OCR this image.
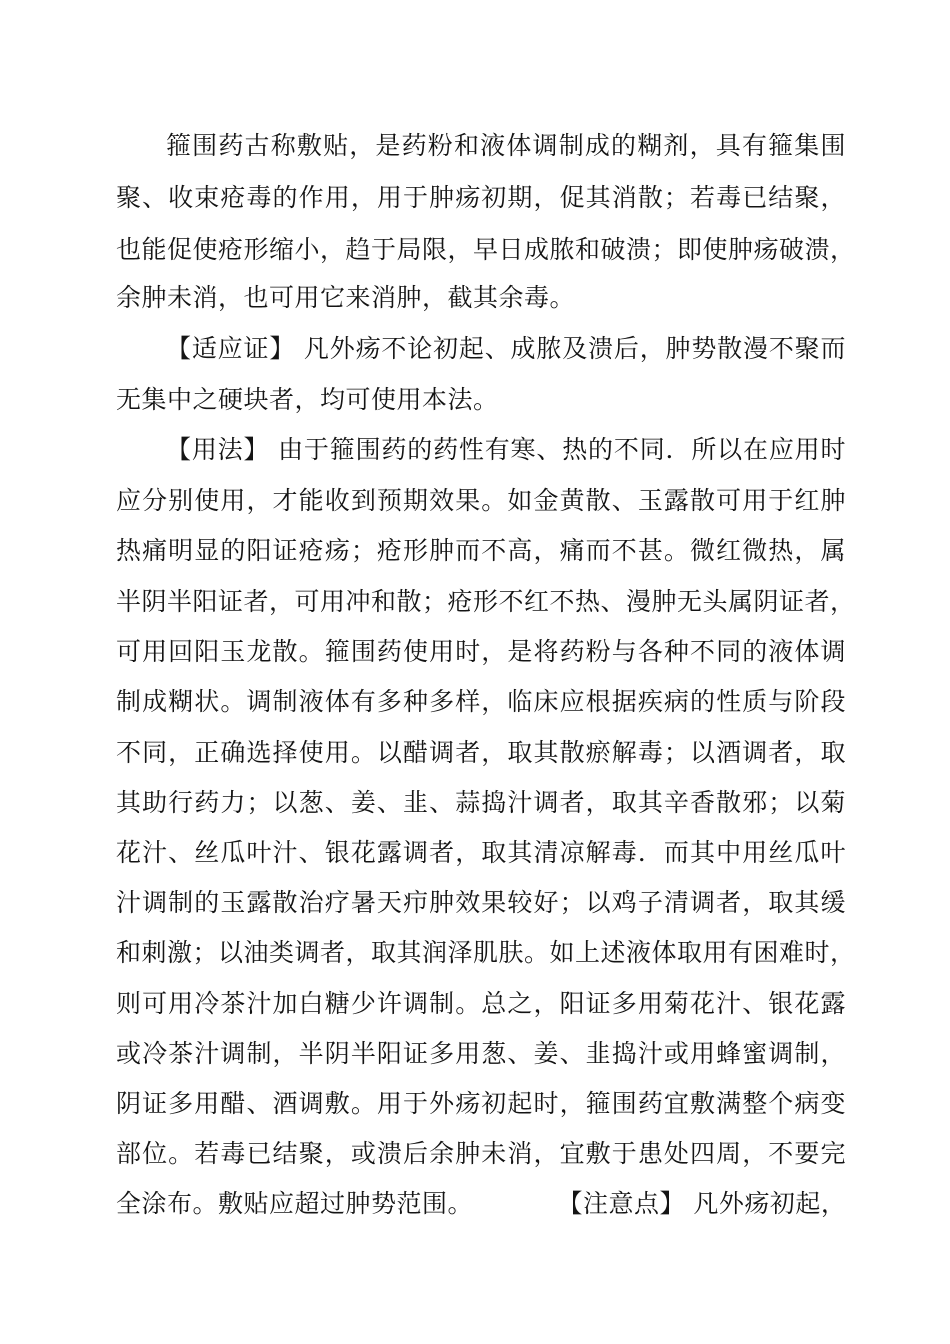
箍围药古称敷贴，是药粉和液体调制成的糊剂，具有箍集围
聚、收束疮毒的作用，用于肿疡初期，促其消散；若毒已结聚，
也能促使疮形缩小，趋于局限，早日成脓和破溃；即使肿疡破溃，
余肿未消，也可用它来消肿，截其余毒。
【适应证】 凡外疡不论初起、成脓及溃后，肿势散漫不聚而
无集中之硬块者，均可使用本法。
【用法】 由于箍围药的药性有寒、热的不同．所以在应用时
应分别使用，才能收到预期效果。如金黄散、玉露散可用于红肿
热痛明显的阳证疮疡；疮形肿而不高，痛而不甚。微红微热，属
半阴半阳证者，可用冲和散；疮形不红不热、漫肿无头属阴证者，
可用回阳玉龙散。箍围药使用时，是将药粉与各种不同的液体调
制成糊状。调制液体有多种多样，临床应根据疾病的性质与阶段
不同，正确选择使用。以醋调者，取其散瘀解毒；以酒调者，取
其助行药力；以葱、姜、韭、蒜捣汁调者，取其辛香散邪；以菊
花汁、丝瓜叶汁、银花露调者，取其清凉解毒．而其中用丝瓜叶
汁调制的玉露散治疗暑天疖肿效果较好；以鸡子清调者，取其缓
和刺激；以油类调者，取其润泽肌肤。如上述液体取用有困难时，
则可用冷茶汁加白糖少许调制。总之，阳证多用菊花汁、银花露
或冷茶汁调制，半阴半阳证多用葱、姜、韭捣汁或用蜂蜜调制，
阴证多用醋、酒调敷。用于外疡初起时，箍围药宜敷满整个病变
部位。若毒已结聚，或溃后余肿未消，宜敷于患处四周，不要完
全涂布。敷贴应超过肿势范围。          【注意点】 凡外疡初起，
